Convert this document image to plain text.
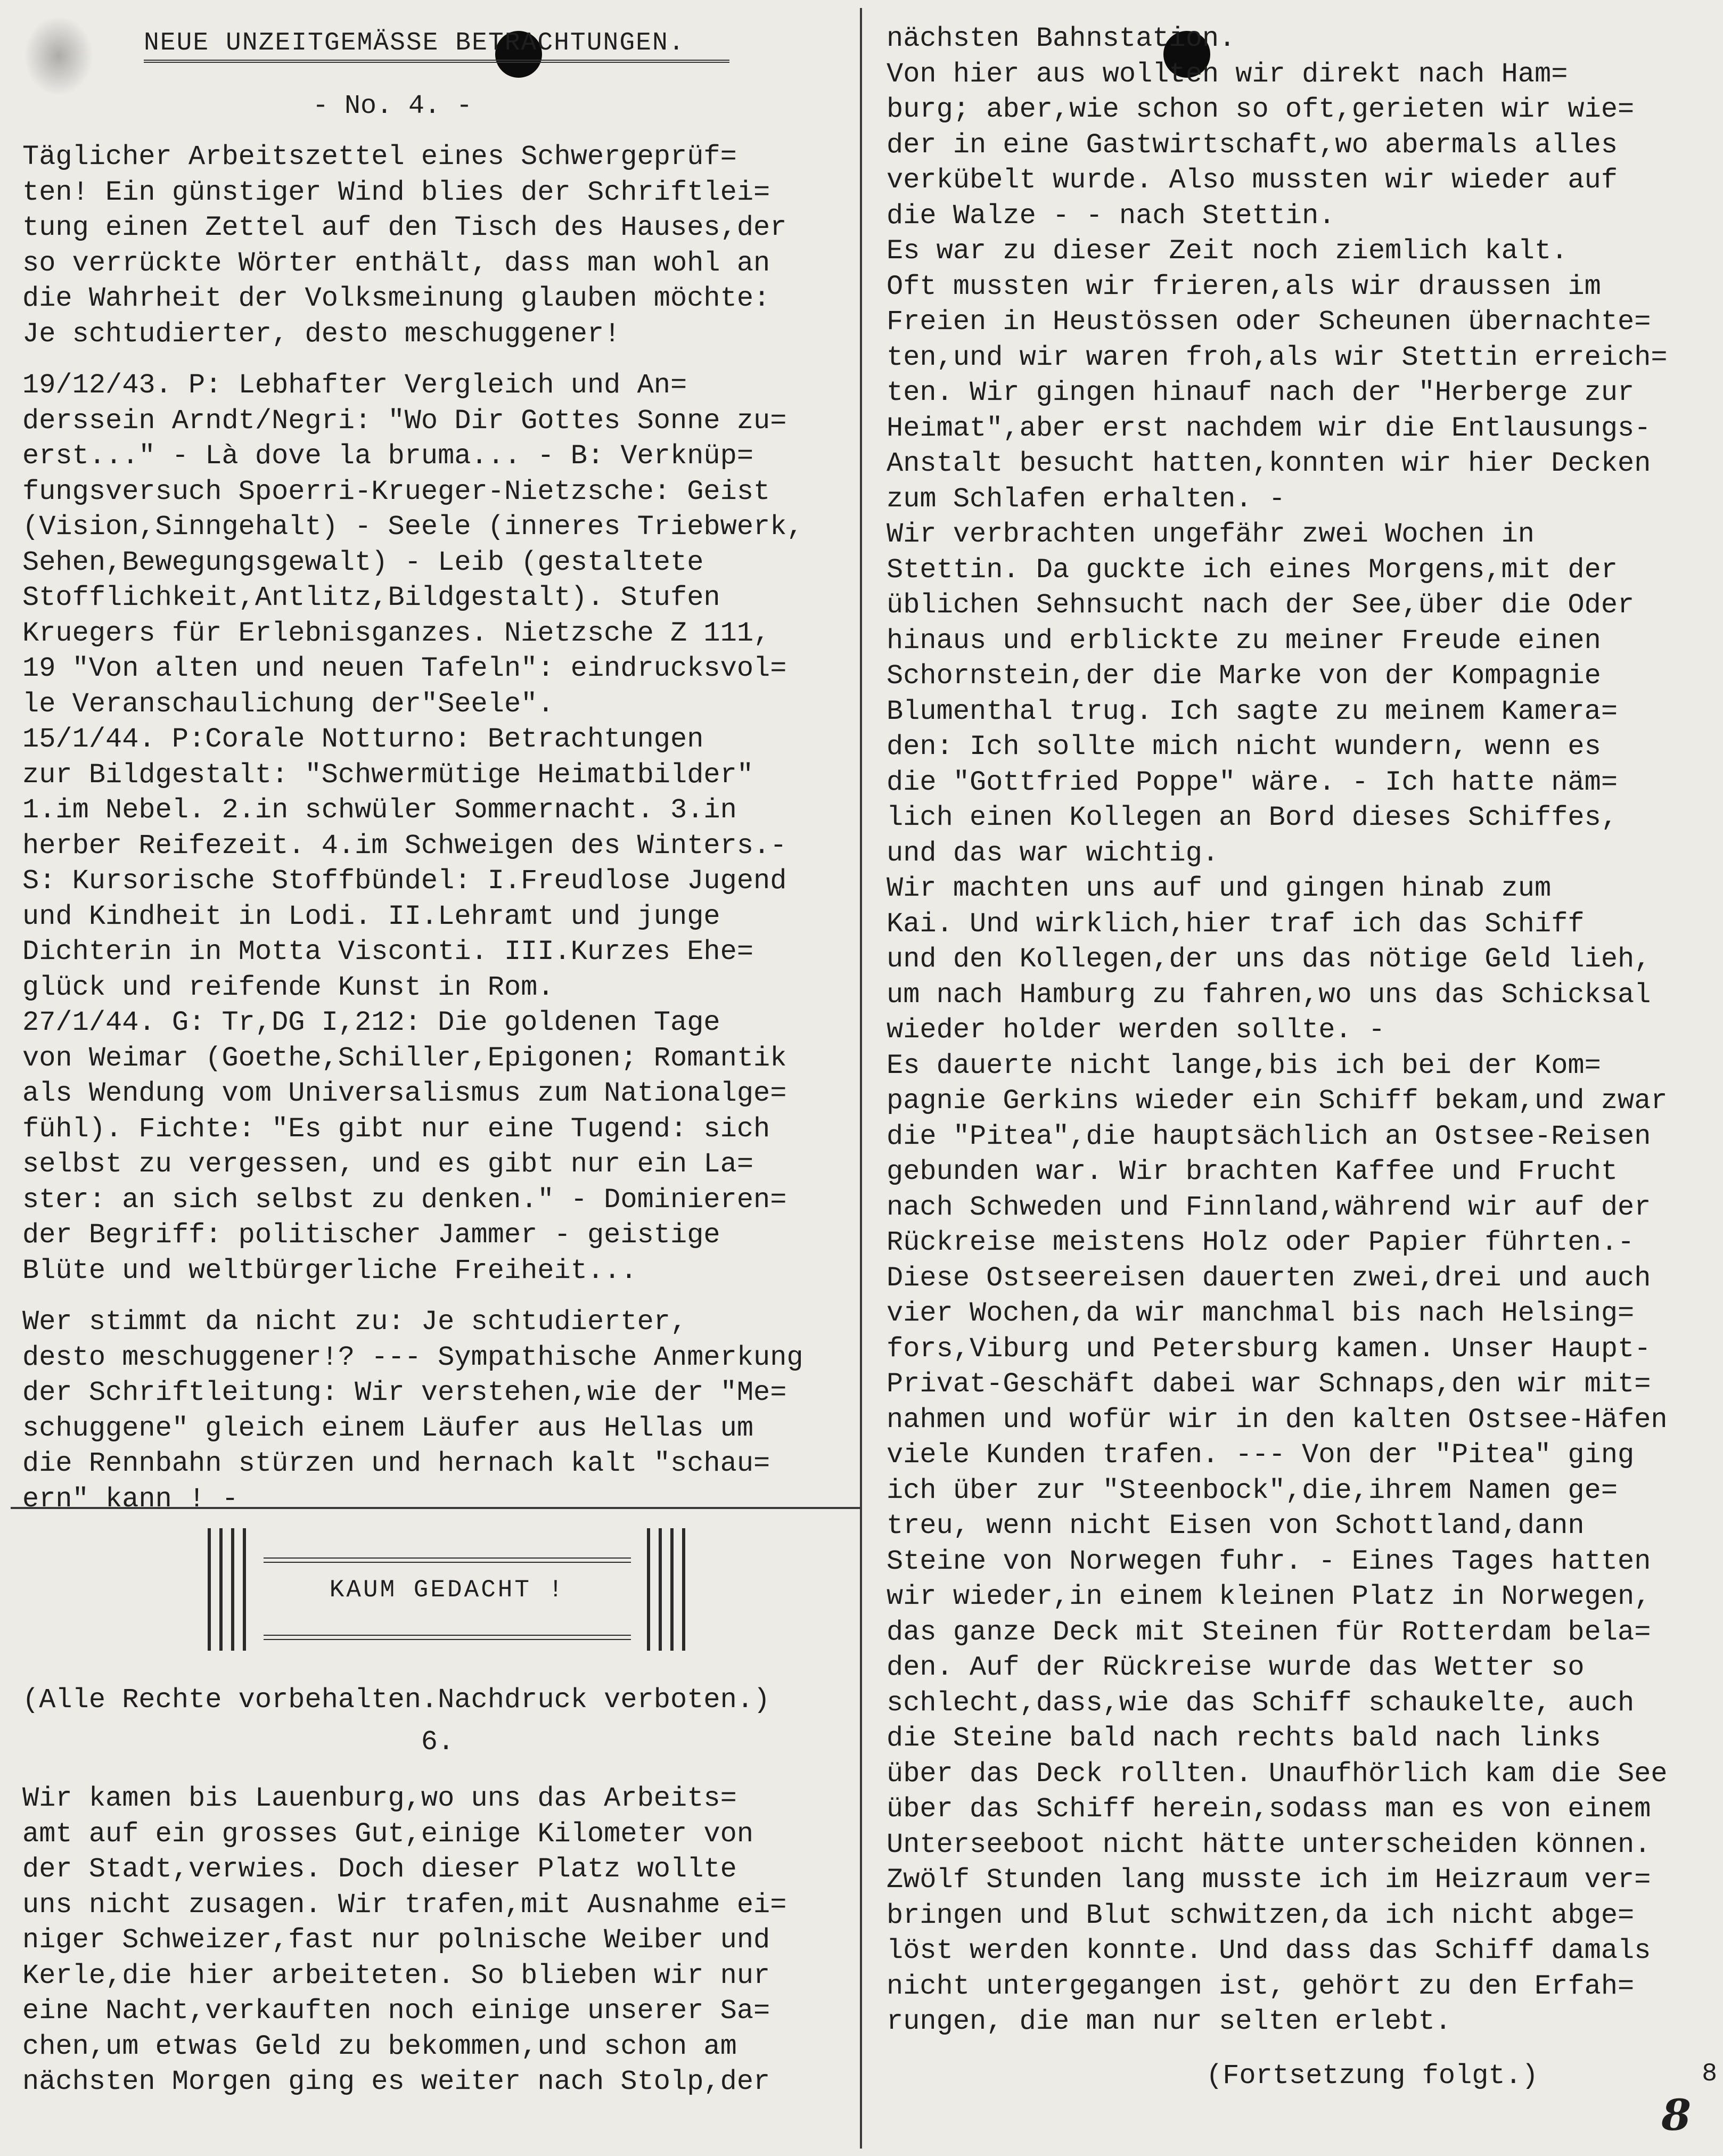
NEUE UNZEITGEMÄSSE BETRACHTUNGEN.
- No. 4. -

Täglicher Arbeitszettel eines Schwergeprüf=
ten! Ein günstiger Wind blies der Schriftlei=
tung einen Zettel auf den Tisch des Hauses,der
so verrückte Wörter enthält, dass man wohl an
die Wahrheit der Volksmeinung glauben möchte:
Je schtudierter, desto meschuggener!

19/12/43. P: Lebhafter Vergleich und An=
derssein Arndt/Negri: "Wo Dir Gottes Sonne zu=
erst..." - Là dove la bruma... - B: Verknüp=
fungsversuch Spoerri-Krueger-Nietzsche: Geist
(Vision,Sinngehalt) - Seele (inneres Triebwerk,
Sehen,Bewegungsgewalt) - Leib (gestaltete
Stofflichkeit,Antlitz,Bildgestalt). Stufen
Kruegers für Erlebnisganzes. Nietzsche Z 111,
19 "Von alten und neuen Tafeln": eindrucksvol=
le Veranschaulichung der"Seele".

15/1/44. P:Corale Notturno: Betrachtungen
zur Bildgestalt: "Schwermütige Heimatbilder"
1.im Nebel. 2.in schwüler Sommernacht. 3.in
herber Reifezeit. 4.im Schweigen des Winters.-
S: Kursorische Stoffbündel: I.Freudlose Jugend
und Kindheit in Lodi. II.Lehramt und junge
Dichterin in Motta Visconti. III.Kurzes Ehe=
glück und reifende Kunst in Rom.

27/1/44. G: Tr,DG I,212: Die goldenen Tage
von Weimar (Goethe,Schiller,Epigonen; Romantik
als Wendung vom Universalismus zum Nationalge=
fühl). Fichte: "Es gibt nur eine Tugend: sich
selbst zu vergessen, und es gibt nur ein La=
ster: an sich selbst zu denken." - Dominieren=
der Begriff: politischer Jammer - geistige
Blüte und weltbürgerliche Freiheit...

Wer stimmt da nicht zu: Je schtudierter,
desto meschuggener!? --- Sympathische Anmerkung
der Schriftleitung: Wir verstehen,wie der "Me=
schuggene" gleich einem Läufer aus Hellas um
die Rennbahn stürzen und hernach kalt "schau=
ern" kann ! -

KAUM GEDACHT !

(Alle Rechte vorbehalten.Nachdruck verboten.)

6.

Wir kamen bis Lauenburg,wo uns das Arbeits=
amt auf ein grosses Gut,einige Kilometer von
der Stadt,verwies. Doch dieser Platz wollte
uns nicht zusagen. Wir trafen,mit Ausnahme ei=
niger Schweizer,fast nur polnische Weiber und
Kerle,die hier arbeiteten. So blieben wir nur
eine Nacht,verkauften noch einige unserer Sa=
chen,um etwas Geld zu bekommen,und schon am
nächsten Morgen ging es weiter nach Stolp,der

nächsten Bahnstation.

Von hier aus wollten wir direkt nach Ham=
burg; aber,wie schon so oft,gerieten wir wie=
der in eine Gastwirtschaft,wo abermals alles
verkübelt wurde. Also mussten wir wieder auf
die Walze - - nach Stettin.

Es war zu dieser Zeit noch ziemlich kalt.
Oft mussten wir frieren,als wir draussen im
Freien in Heustössen oder Scheunen übernachte=
ten,und wir waren froh,als wir Stettin erreich=
ten. Wir gingen hinauf nach der "Herberge zur
Heimat",aber erst nachdem wir die Entlausungs-
Anstalt besucht hatten,konnten wir hier Decken
zum Schlafen erhalten. -

Wir verbrachten ungefähr zwei Wochen in
Stettin. Da guckte ich eines Morgens,mit der
üblichen Sehnsucht nach der See,über die Oder
hinaus und erblickte zu meiner Freude einen
Schornstein,der die Marke von der Kompagnie
Blumenthal trug. Ich sagte zu meinem Kamera=
den: Ich sollte mich nicht wundern, wenn es
die "Gottfried Poppe" wäre. - Ich hatte näm=
lich einen Kollegen an Bord dieses Schiffes,
und das war wichtig.

Wir machten uns auf und gingen hinab zum
Kai. Und wirklich,hier traf ich das Schiff
und den Kollegen,der uns das nötige Geld lieh,
um nach Hamburg zu fahren,wo uns das Schicksal
wieder holder werden sollte. -

Es dauerte nicht lange,bis ich bei der Kom=
pagnie Gerkins wieder ein Schiff bekam,und zwar
die "Pitea",die hauptsächlich an Ostsee-Reisen
gebunden war. Wir brachten Kaffee und Frucht
nach Schweden und Finnland,während wir auf der
Rückreise meistens Holz oder Papier führten.-
Diese Ostseereisen dauerten zwei,drei und auch
vier Wochen,da wir manchmal bis nach Helsing=
fors,Viburg und Petersburg kamen. Unser Haupt-
Privat-Geschäft dabei war Schnaps,den wir mit=
nahmen und wofür wir in den kalten Ostsee-Häfen
viele Kunden trafen. --- Von der "Pitea" ging
ich über zur "Steenbock",die,ihrem Namen ge=
treu, wenn nicht Eisen von Schottland,dann
Steine von Norwegen fuhr. - Eines Tages hatten
wir wieder,in einem kleinen Platz in Norwegen,
das ganze Deck mit Steinen für Rotterdam bela=
den. Auf der Rückreise wurde das Wetter so
schlecht,dass,wie das Schiff schaukelte, auch
die Steine bald nach rechts bald nach links
über das Deck rollten. Unaufhörlich kam die See
über das Schiff herein,sodass man es von einem
Unterseeboot nicht hätte unterscheiden können.
Zwölf Stunden lang musste ich im Heizraum ver=
bringen und Blut schwitzen,da ich nicht abge=
löst werden konnte. Und dass das Schiff damals
nicht untergegangen ist, gehört zu den Erfah=
rungen, die man nur selten erlebt.

(Fortsetzung folgt.)	8
8
